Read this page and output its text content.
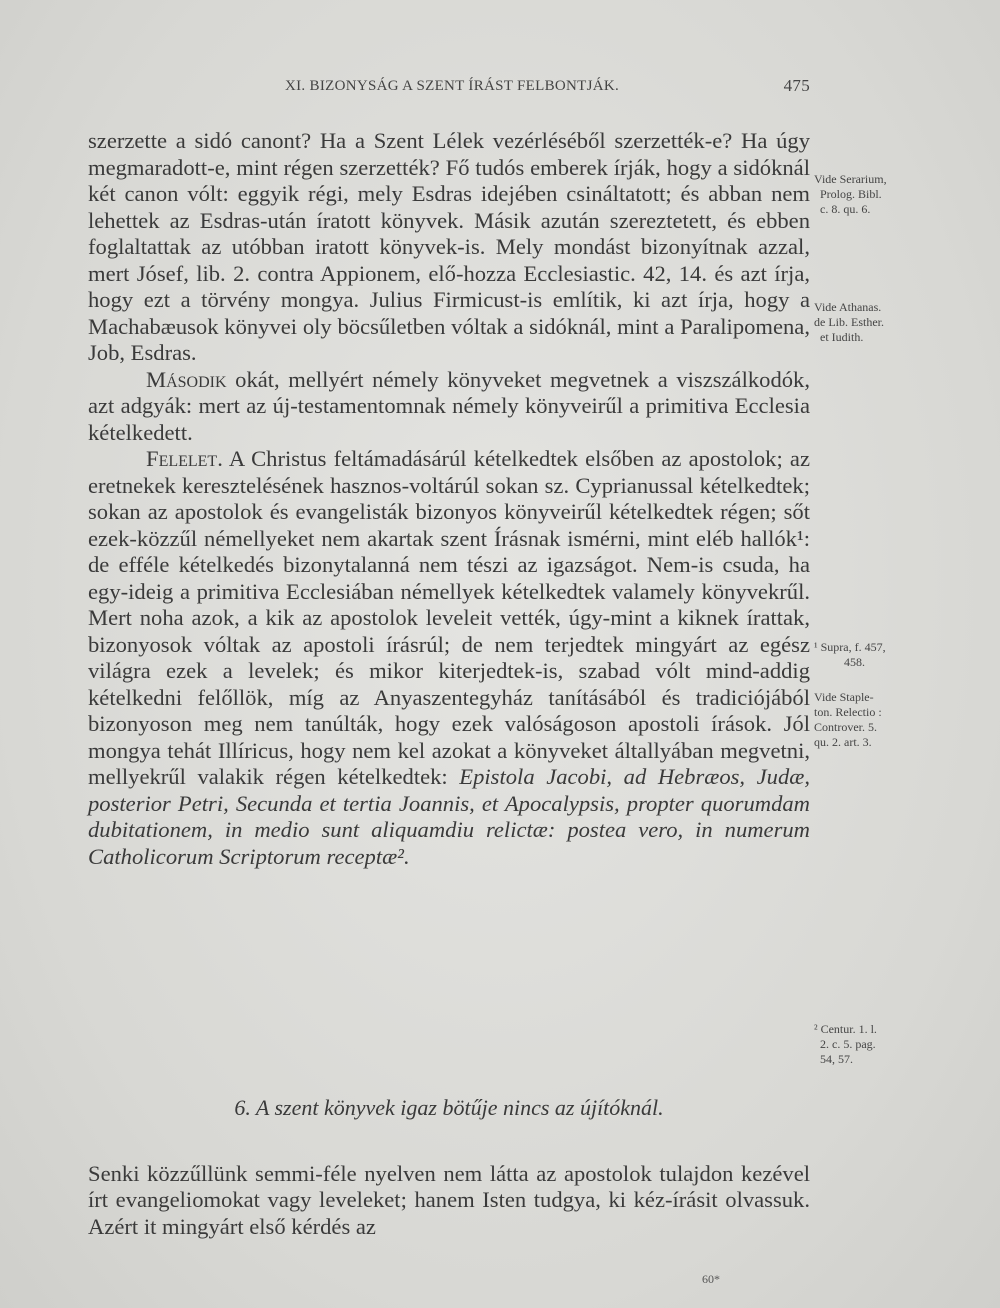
XI. BIZONYSÁG A SZENT ÍRÁST FELBONTJÁK.	475

szerzette a sidó canont? Ha a Szent Lélek vezérléséből szerzették-e? Ha úgy megmaradott-e, mint régen szerzették? Fő tudós emberek írják, hogy a sidóknál két canon vólt: eggyik régi, mely Esdras idejében csináltatott; és abban nem lehettek az Esdras-után íratott könyvek. Másik azután szereztetett, és ebben foglaltattak az utóbban iratott könyvek-is. Mely mondást bizonyítnak azzal, mert Jósef, lib. 2. contra Appionem, elő-hozza Ecclesiastic. 42, 14. és azt írja, hogy ezt a törvény mongya. Julius Firmicust-is említik, ki azt írja, hogy a Machabæusok könyvei oly böcsűletben vóltak a sidóknál, mint a Paralipomena, Job, Esdras.

Második okát, mellyért némely könyveket megvetnek a viszszálkodók, azt adgyák: mert az új-testamentomnak némely könyveirűl a primitiva Ecclesia kételkedett.

Felelet. A Christus feltámadásárúl kételkedtek elsőben az apostolok; az eretnekek keresztelésének hasznos-voltárúl sokan sz. Cyprianussal kételkedtek; sokan az apostolok és evangelisták bizonyos könyveirűl kételkedtek régen; sőt ezek-közzűl némellyeket nem akartak szent Írásnak ismérni, mint eléb hallók¹: de efféle kételkedés bizonytalanná nem tészi az igazságot. Nem-is csuda, ha egy-ideig a primitiva Ecclesiában némellyek kételkedtek valamely könyvekrűl. Mert noha azok, a kik az apostolok leveleit vették, úgy-mint a kiknek írattak, bizonyosok vóltak az apostoli írásrúl; de nem terjedtek mingyárt az egész világra ezek a levelek; és mikor kiterjedtek-is, szabad vólt mind-addig kételkedni felőllök, míg az Anyaszentegyház tanításából és tradiciójából bizonyoson meg nem tanúlták, hogy ezek valóságoson apostoli írások. Jól mongya tehát Illíricus, hogy nem kel azokat a könyveket általlyában megvetni, mellyekrűl valakik régen kételkedtek: Epistola Jacobi, ad Hebræos, Judæ, posterior Petri, Secunda et tertia Joannis, et Apocalypsis, propter quorumdam dubitationem, in medio sunt aliquamdiu relictæ: postea vero, in numerum Catholicorum Scriptorum receptæ².

6. A szent könyvek igaz bötűje nincs az újítóknál.

Senki közzűllünk semmi-féle nyelven nem látta az apostolok tulajdon kezével írt evangeliomokat vagy leveleket; hanem Isten tudgya, ki kéz-írásit olvassuk. Azért it mingyárt első kérdés az

60*
Vide Serarium,
Prolog. Bibl.
c. 8. qu. 6.
Vide Athanas.
de Lib. Esther.
et Iudith.
¹ Supra, f. 457,
458.
Vide Staple-
ton. Relectio :
Controver. 5.
qu. 2. art. 3.
² Centur. 1. l.
2. c. 5. pag.
54, 57.
